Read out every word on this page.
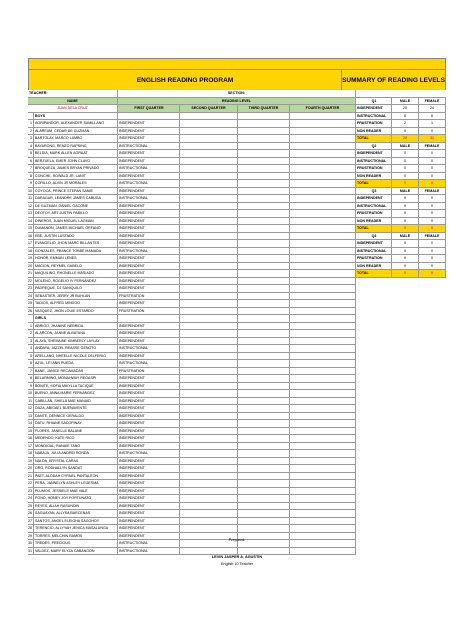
ENGLISH READING PROGRAM	SUMMARY OF READING LEVELS
TEACHER:	SECTION:
NAME	READING LEVEL
JUAN DELA CRUZ	FIRST QUARTER	SECOND QUARTER	THIRD QUARTER	FOURTH QUARTER
BOYS
1 AGRIPANDOR, ALEXANDER SAMILLANO	INDEPENDENT
2 ALAREAM, CEDAR DE GUZMAN	INDEPENDENT
3 BARTOLAY, MARCO LAMBO	INDEPENDENT
4 BAYARONG, RENZO RAPSING	INSTRUCTIONAL
5 BELDIA, MARK ALLEN AGRAAT	INDEPENDENT
6 BERZUELA, EMER JOHN CLAVO	INDEPENDENT
7 BROQUEZA, JAMES BRYAN PRIVADO	INSTRUCTIONAL
8 CONCHE, ROWALD JR. LANIT	INDEPENDENT
9 CORILLO, ALVIN JR MORALES	INSTRUCTIONAL
10 COYOCA, PRINCE STEFAN SANIE	INDEPENDENT
11 DARAGAR, LEANDRE JAMES CABUGA	INSTRUCTIONAL
12 DE GUZMAN, DANIEL GACONE	INDEPENDENT
13 DEOTOY, ART JUSTIN PABILLO	INDEPENDENT
14 DINEROS, JUAN MIGUEL LAGMAN	INDEPENDENT
15 DUMANON, JAMES MICHAEL ORFANO	INDEPENDENT
16 EBE, JUSTIN LUSTADO	INDEPENDENT
17 EVANGELIO, JHON MARC BILLANTES	INDEPENDENT
18 GONZALES, FRANCE TOBBE MAMADA	INSTRUCTIONAL
19 HONOR, EMMAN LENES	INDEPENDENT
20 MACION, REYMEL GABELO	INDEPENDENT
21 MAQUILING, RHONELLE MASIADO	INDEPENDENT
22 MOLENO, ROGELIO IV FERNANDEZ	INDEPENDENT
23 PADREQUE, DJ SANIQUILO	INDEPENDENT
24 SEBASTIER, JERRY JR BUHI-AN	FRUSTRATION
25 TADIOS, ALFRED MINGGO	INDEPENDENT
26 VASQUEZ, JHON LOUIE ESTARDO	FRUSTRATION
GIRLS
1 ABRIGO, JHANINE NEBRIDA	INDEPENDENT
2 ALARCON, JANNE ALBATANA	INDEPENDENT
3 ALAYA, SHEMAINE KIMBERLY LAYLAY	INDEPENDENT
4 ANDAYA, JAZZEL REASSE GENOTO	INSTRUCTIONAL
5 ARELLANO, NHEELLE NICOLE DELFERIO	INDEPENDENT
6 AZUL, LEI ANN RUEDA	INSTRUCTIONAL
7 BANE, JANICE RECAMADAS	FRUSTRATION
8 BELARMINO, MONAHWAY REGASPI	INDEPENDENT
9 BONITE, SOFIA MIKYLLA TACIQUE	INDEPENDENT
10 BUENO, ANNA MARIE FERNANDEZ	INDEPENDENT
11 CABILLAN, SHIELA MAE MANAID	INDEPENDENT
12 DAZA, ABIGAEL BUENAVENTE	INDEPENDENT
13 DANTE, DENNICE GERALDO	INDEPENDENT
14 DATU, RHIANE SACOPINAY	INDEPENDENT
15 FLORES, JANELLE BALANE	INDEPENDENT
16 MEDENDO, KATE RICO	INDEPENDENT
17 MONDIOAL, RANAIE TANO	INDEPENDENT
18 NABAJA, JULIA ANDREI RONDA	INSTRUCTIONAL
19 NALDA, KRYSTAL CARAS	INDEPENDENT
20 ORO, RODHALLYN SANDAT	INDEPENDENT
21 PAET, ALODAH CYRNEL PANTALEON	INDEPENDENT
22 PERA, JANNELYN ASHLEY LEGESMA	INDEPENDENT
23 PLUMOS, JESSIELE MAE VALE	INDEPENDENT
24 PONO, HONEY JOY FORTUNATO	INDEPENDENT
25 REYES, ALIAH RASUNDIN	INDEPENDENT
26 SAGUAYAN, ALLYSA BARCENAS	INDEPENDENT
27 SANTOS, ANGEL ELEIGHA SAGOHOY	INDEPENDENT
28 TERENCIO, ALLYYAH JENICA MASALUNGA	INDEPENDENT
29 TORRES, MELCHIN RAMOS	INDEPENDENT
30 TREDES, PRECIOUS	INSTRUCTIONAL
31 VALDEZ, MARY ELYZA CABANGON	INSTRUCTIONAL
Q1	MALE	FEMALE
INDEPENDENT	20	24
INSTRUCTIONAL	6	6
FRUSTRATION	2	1
NON READER	0	0
TOTAL	28	31
Q2	MALE	FEMALE
INDEPENDENT	0	0
INSTRUCTIONAL	0	0
FRUSTRATION	0	0
NON READER	0	0
TOTAL	0	0
Q3	MALE	FEMALE
INDEPENDENT	0	0
INSTRUCTIONAL	0	0
FRUSTRATION	0	0
NON READER	0	0
TOTAL	0	0
Q4	MALE	FEMALE
INDEPENDENT	0	0
INSTRUCTIONAL	0	0
FRUSTRATION	0	0
NON READER	0	0
TOTAL	0	0
Prepared:
LEVIN JASPER A. AGUSTIN
English 10 Teacher
